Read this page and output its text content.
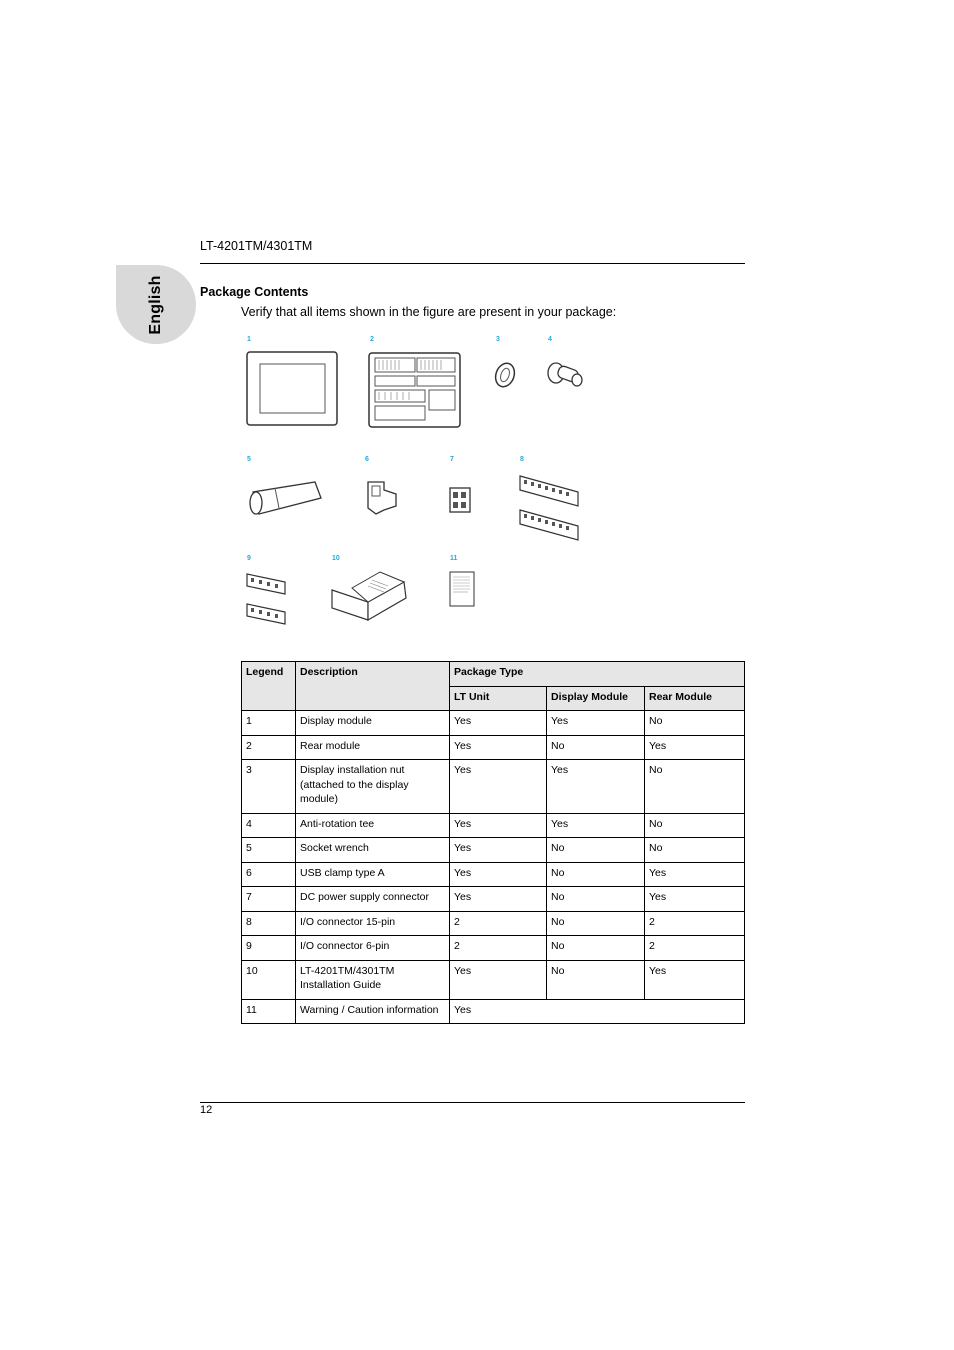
LT-4201TM/4301TM
English	Package Contents
Verify that all items shown in the figure are present in your package:
1	2	3	4
5	6	7	8
9	10	11
Legend	Description	Package Type		
		LT Unit	Display Module	Rear Module
1	Display module	Yes	Yes	No
2	Rear module	Yes	No	Yes
3	Display installation nut (attached to the display module)	Yes	Yes	No
4	Anti-rotation tee	Yes	Yes	No
5	Socket wrench	Yes	No	No
6	USB clamp type A	Yes	No	Yes
7	DC power supply connector	Yes	No	Yes
8	I/O connector 15-pin	2	No	2
9	I/O connector 6-pin	2	No	2
10	LT-4201TM/4301TM Installation Guide	Yes	No	Yes
11	Warning / Caution information	Yes		
12
